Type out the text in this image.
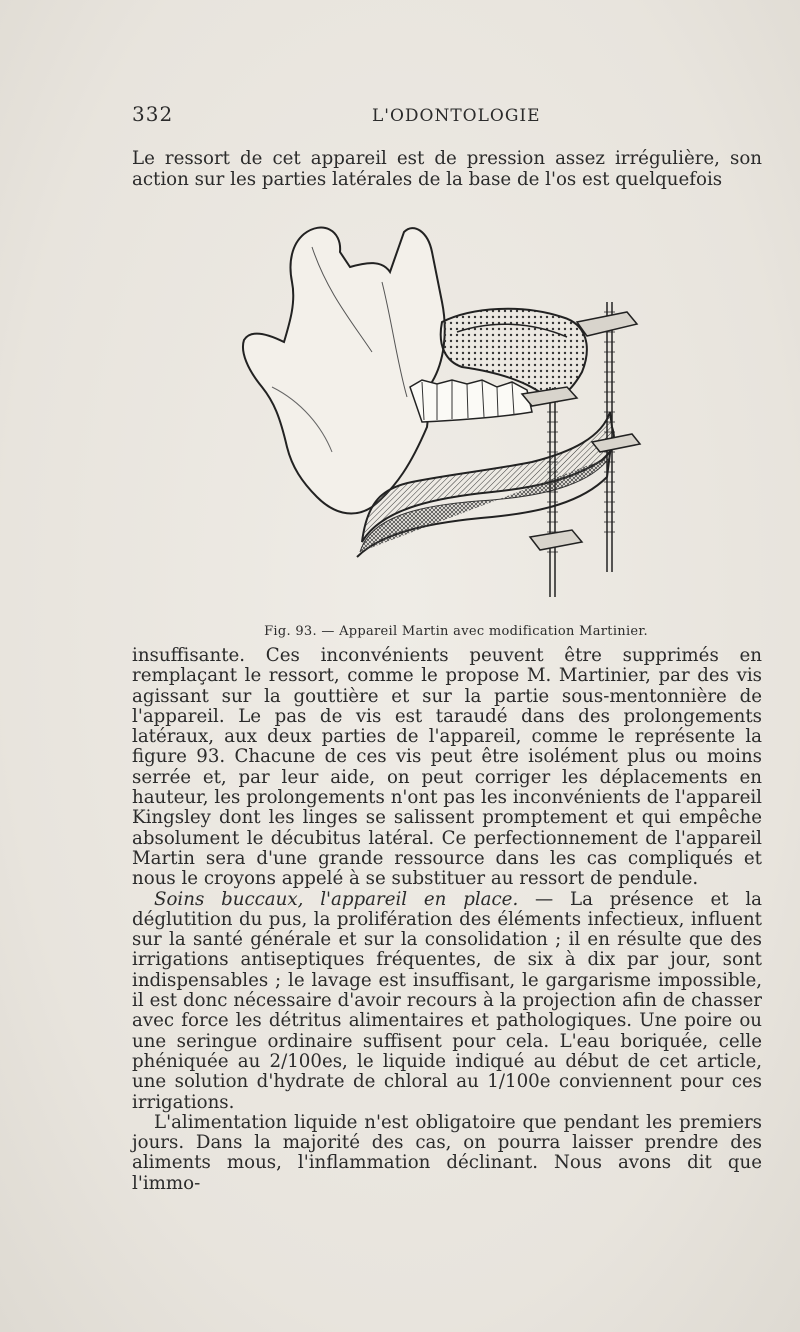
332	L'ODONTOLOGIE

Le ressort de cet appareil est de pression assez irrégulière, son action sur les parties latérales de la base de l'os est quelquefois

Fig. 93. — Appareil Martin avec modification Martinier.

insuffisante. Ces inconvénients peuvent être supprimés en remplaçant le ressort, comme le propose M. Martinier, par des vis agissant sur la gouttière et sur la partie sous-mentonnière de l'appareil. Le pas de vis est taraudé dans des prolongements latéraux, aux deux parties de l'appareil, comme le représente la figure 93. Chacune de ces vis peut être isolément plus ou moins serrée et, par leur aide, on peut corriger les déplacements en hauteur, les prolongements n'ont pas les inconvénients de l'appareil Kingsley dont les linges se salissent promptement et qui empêche absolument le décubitus latéral. Ce perfectionnement de l'appareil Martin sera d'une grande ressource dans les cas compliqués et nous le croyons appelé à se substituer au ressort de pendule.

Soins buccaux, l'appareil en place. — La présence et la déglutition du pus, la prolifération des éléments infectieux, influent sur la santé générale et sur la consolidation ; il en résulte que des irrigations antiseptiques fréquentes, de six à dix par jour, sont indispensables ; le lavage est insuffisant, le gargarisme impossible, il est donc nécessaire d'avoir recours à la projection afin de chasser avec force les détritus alimentaires et pathologiques. Une poire ou une seringue ordinaire suffisent pour cela. L'eau boriquée, celle phéniquée au 2/100es, le liquide indiqué au début de cet article, une solution d'hydrate de chloral au 1/100e conviennent pour ces irrigations.

L'alimentation liquide n'est obligatoire que pendant les premiers jours. Dans la majorité des cas, on pourra laisser prendre des aliments mous, l'inflammation déclinant. Nous avons dit que l'immo-
